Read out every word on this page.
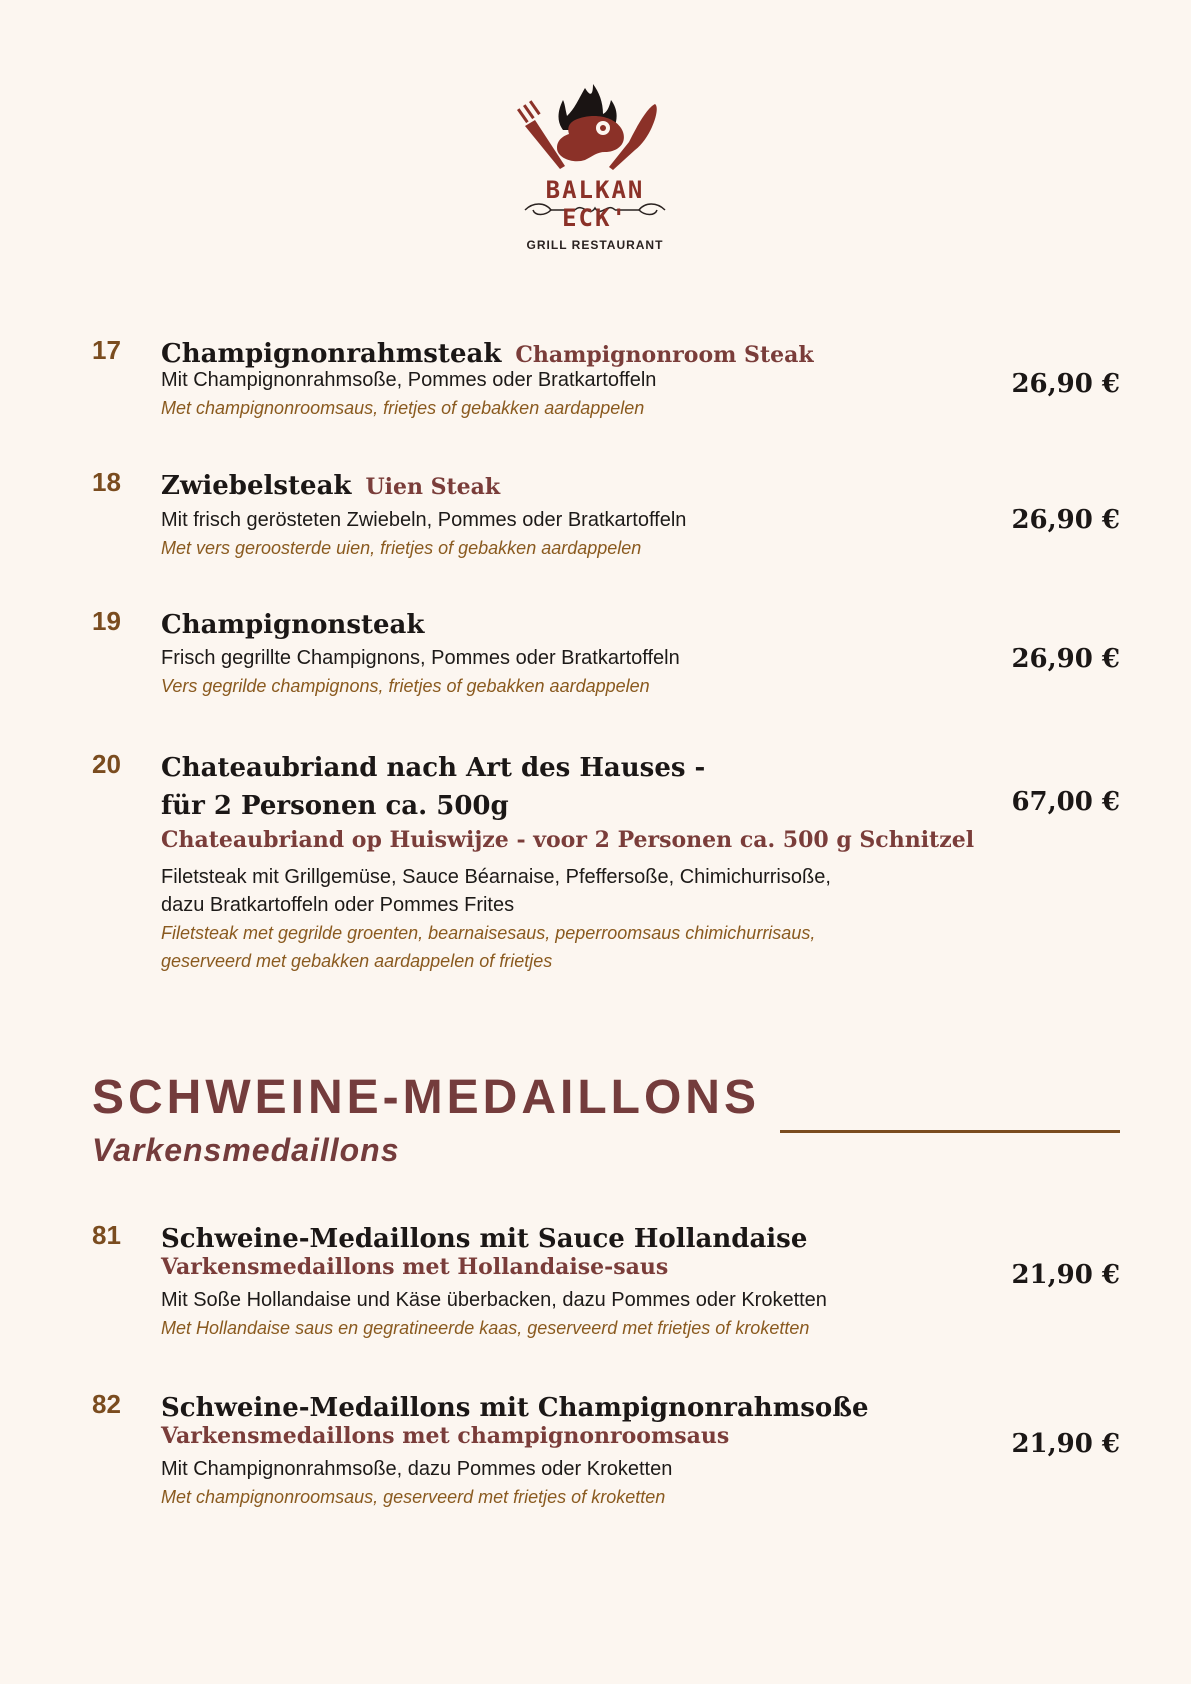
BALKAN ECK'
GRILL RESTAURANT
17 Champignonrahmsteak Champignonroom Steak
Mit Champignonrahmsoße, Pommes oder Bratkartoffeln
Met champignonroomsaus, frietjes of gebakken aardappelen
26,90 €
18 Zwiebelsteak Uien Steak
Mit frisch gerösteten Zwiebeln, Pommes oder Bratkartoffeln
Met vers geroosterde uien, frietjes of gebakken aardappelen
26,90 €
19 Champignonsteak
Frisch gegrillte Champignons, Pommes oder Bratkartoffeln
Vers gegrilde champignons, frietjes of gebakken aardappelen
26,90 €
20 Chateaubriand nach Art des Hauses -
für 2 Personen ca. 500g
Chateaubriand op Huiswijze - voor 2 Personen ca. 500 g Schnitzel
Filetsteak mit Grillgemüse, Sauce Béarnaise, Pfeffersoße, Chimichurrisoße,
dazu Bratkartoffeln oder Pommes Frites
Filetsteak met gegrilde groenten, bearnaisesaus, peperroomsaus chimichurrisaus,
geserveerd met gebakken aardappelen of frietjes
67,00 €
SCHWEINE-MEDAILLONS
Varkensmedaillons
81 Schweine-Medaillons mit Sauce Hollandaise
Varkensmedaillons met Hollandaise-saus
Mit Soße Hollandaise und Käse überbacken, dazu Pommes oder Kroketten
Met Hollandaise saus en gegratineerde kaas, geserveerd met frietjes of kroketten
21,90 €
82 Schweine-Medaillons mit Champignonrahmsoße
Varkensmedaillons met champignonroomsaus
Mit Champignonrahmsoße, dazu Pommes oder Kroketten
Met champignonroomsaus, geserveerd met frietjes of kroketten
21,90 €
